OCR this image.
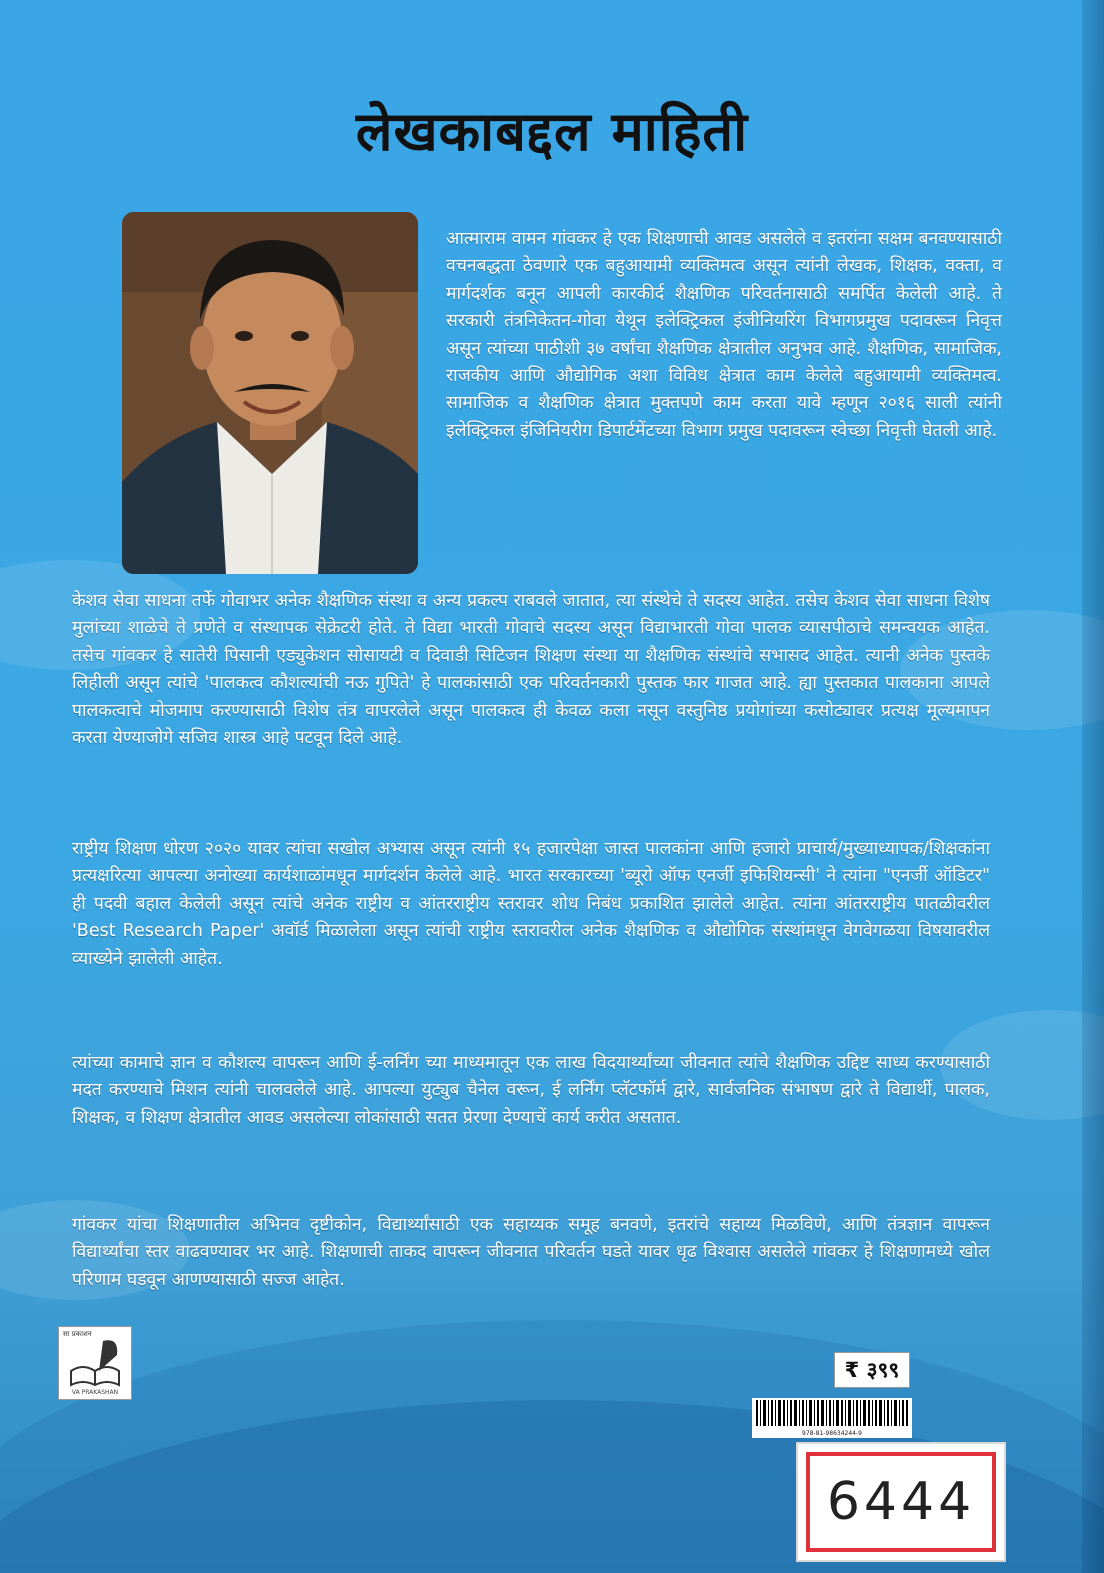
लेखकाबद्दल माहिती
आत्माराम वामन गांवकर हे एक शिक्षणाची आवड असलेले व इतरांना सक्षम बनवण्यासाठी वचनबद्धता ठेवणारे एक बहुआयामी व्यक्तिमत्व असून त्यांनी लेखक, शिक्षक, वक्ता, व मार्गदर्शक बनून आपली कारकीर्द शैक्षणिक परिवर्तनासाठी समर्पित केलेली आहे. ते सरकारी तंत्रनिकेतन-गोवा येथून इलेक्ट्रिकल इंजीनियरिंग विभागप्रमुख पदावरून निवृत्त असून त्यांच्या पाठीशी ३७ वर्षांचा शैक्षणिक क्षेत्रातील अनुभव आहे. शैक्षणिक, सामाजिक, राजकीय आणि औद्योगिक अशा विविध क्षेत्रात काम केलेले बहुआयामी व्यक्तिमत्व. सामाजिक व शैक्षणिक क्षेत्रात मुक्तपणे काम करता यावे म्हणून २०१६ साली त्यांनी इलेक्ट्रिकल इंजिनियरीग डिपार्टमेंटच्या विभाग प्रमुख पदावरून स्वेच्छा निवृत्ती घेतली आहे.
केशव सेवा साधना तर्फे गोवाभर अनेक शैक्षणिक संस्था व अन्य प्रकल्प राबवले जातात, त्या संस्थेचे ते सदस्य आहेत. तसेच केशव सेवा साधना विशेष मुलांच्या शाळेचे ते प्रणेते व संस्थापक सेक्रेटरी होते. ते विद्या भारती गोवाचे सदस्य असून विद्याभारती गोवा पालक व्यासपीठाचे समन्वयक आहेत. तसेच गांवकर हे सातेरी पिसानी एड्युकेशन सोसायटी व दिवाडी सिटिजन शिक्षण संस्था या शैक्षणिक संस्थांचे सभासद आहेत. त्यानी अनेक पुस्तके लिहीली असून त्यांचे 'पालकत्व कौशल्यांची नऊ गुपिते' हे पालकांसाठी एक परिवर्तनकारी पुस्तक फार गाजत आहे. ह्या पुस्तकात पालकाना आपले पालकत्वाचे मोजमाप करण्यासाठी विशेष तंत्र वापरलेले असून पालकत्व ही केवळ कला नसून वस्तुनिष्ठ प्रयोगांच्या कसोट्यावर प्रत्यक्ष मूल्यमापन करता येण्याजोगे सजिव शास्त्र आहे पटवून दिले आहे.
राष्ट्रीय शिक्षण धोरण २०२० यावर त्यांचा सखोल अभ्यास असून त्यांनी १५ हजारपेक्षा जास्त पालकांना आणि हजारो प्राचार्य/मुख्याध्यापक/शिक्षकांना प्रत्यक्षरित्या आपल्या अनोख्या कार्यशाळांमधून मार्गदर्शन केलेले आहे. भारत सरकारच्या 'ब्यूरो ऑफ एनर्जी इफिशियन्सी' ने त्यांना "एनर्जी ऑडिटर" ही पदवी बहाल केलेली असून त्यांचे अनेक राष्ट्रीय व आंतरराष्ट्रीय स्तरावर शोध निबंध प्रकाशित झालेले आहेत. त्यांना आंतरराष्ट्रीय पातळीवरील 'Best Research Paper' अवॉर्ड मिळालेला असून त्यांची राष्ट्रीय स्तरावरील अनेक शैक्षणिक व औद्योगिक संस्थांमधून वेगवेगळया विषयावरील व्याख्येने झालेली आहेत.
त्यांच्या कामाचे ज्ञान व कौशल्य वापरून आणि ई-लर्निंग च्या माध्यमातून एक लाख विदयार्थ्यांच्या जीवनात त्यांचे शैक्षणिक उद्दिष्ट साध्य करण्यासाठी मदत करण्याचे मिशन त्यांनी चालवलेले आहे. आपल्या युट्युब चैनेल वरून, ई लर्निंग प्लॅटफॉर्म द्वारे, सार्वजनिक संभाषण द्वारे ते विद्यार्थी, पालक, शिक्षक, व शिक्षण क्षेत्रातील आवड असलेल्या लोकांसाठी सतत प्रेरणा देण्याचें कार्य करीत असतात.
गांवकर यांचा शिक्षणातील अभिनव दृष्टीकोन, विद्यार्थ्यांसाठी एक सहाय्यक समूह बनवणे, इतरांचे सहाय्य मिळविणे, आणि तंत्रज्ञान वापरून विद्यार्थ्यांचा स्तर वाढवण्यावर भर आहे. शिक्षणाची ताकद वापरून जीवनात परिवर्तन घडते यावर धृढ विश्वास असलेले गांवकर हे शिक्षणामध्ये खोल परिणाम घडवून आणण्यासाठी सज्ज आहेत.
सा प्रकाशन
VA PRAKASHAN
₹ ३९९
978-81-98634244-9
6444
